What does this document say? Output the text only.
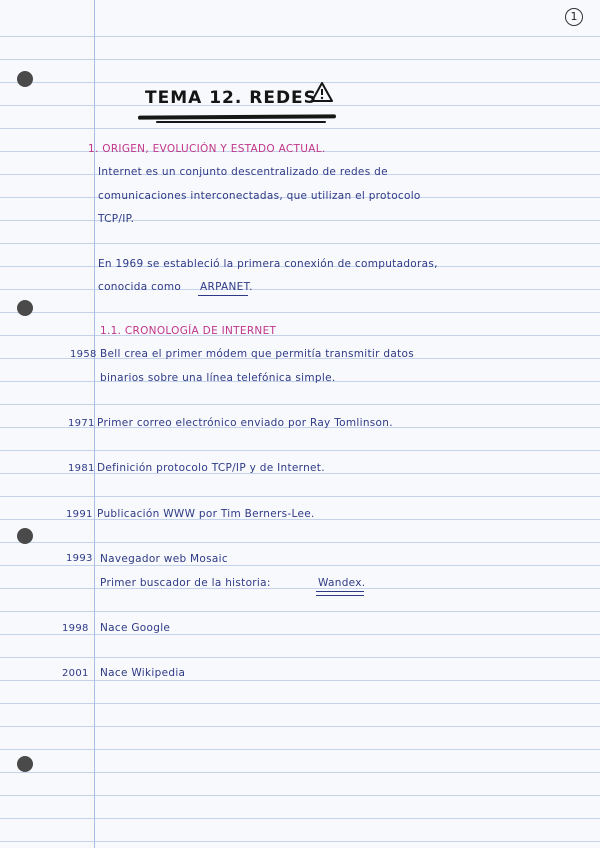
1
TEMA 12. REDES
1. ORIGEN, EVOLUCIÓN Y ESTADO ACTUAL.
Internet es un conjunto descentralizado de redes de
comunicaciones interconectadas, que utilizan el protocolo
TCP/IP.
En 1969 se estableció la primera conexión de computadoras,
conocida como ARPANET.
1.1. CRONOLOGÍA DE INTERNET
1958 Bell crea el primer módem que permitía transmitir datos
binarios sobre una línea telefónica simple.
1971 Primer correo electrónico enviado por Ray Tomlinson.
1981 Definición protocolo TCP/IP y de Internet.
1991 Publicación WWW por Tim Berners-Lee.
1993 Navegador web Mosaic
Primer buscador de la historia:	Wandex.
1998 Nace Google
2001 Nace Wikipedia
